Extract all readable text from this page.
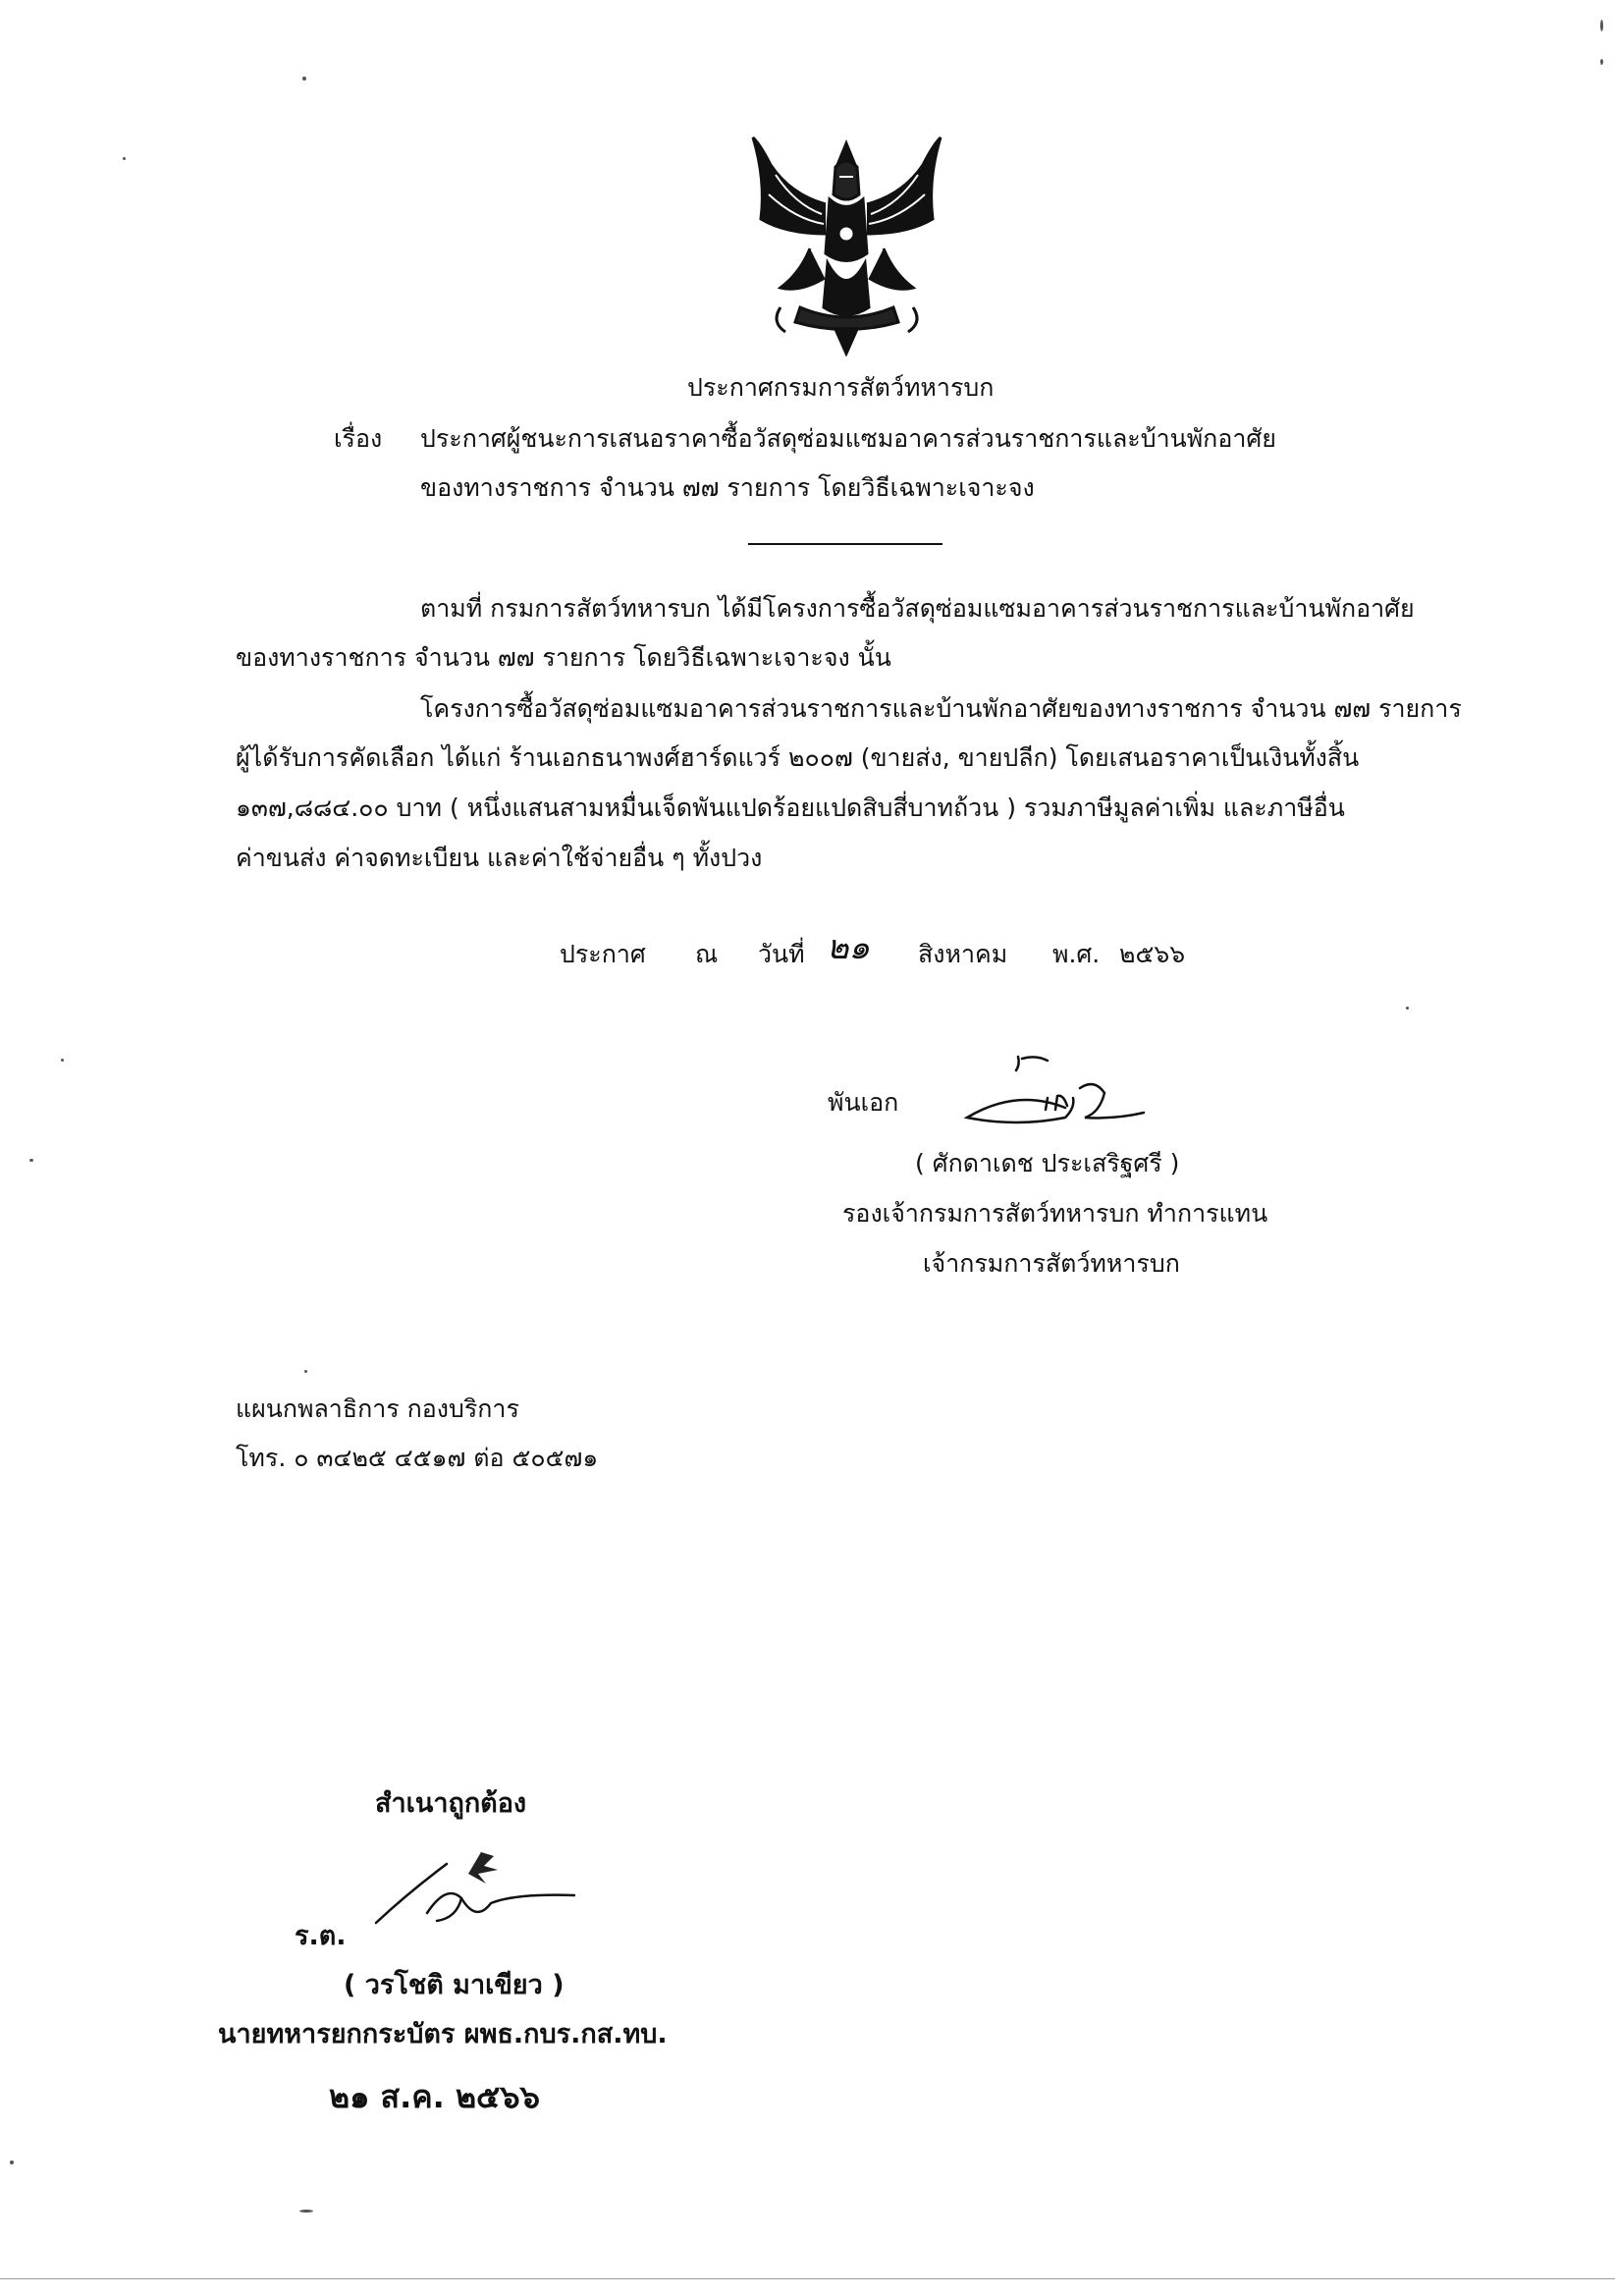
ประกาศกรมการสัตว์ทหารบก
เรื่อง ประกาศผู้ชนะการเสนอราคาซื้อวัสดุซ่อมแซมอาคารส่วนราชการและบ้านพักอาศัย
ของทางราชการ จำนวน ๗๗ รายการ โดยวิธีเฉพาะเจาะจง
ตามที่ กรมการสัตว์ทหารบก ได้มีโครงการซื้อวัสดุซ่อมแซมอาคารส่วนราชการและบ้านพักอาศัย
ของทางราชการ จำนวน ๗๗ รายการ โดยวิธีเฉพาะเจาะจง นั้น
โครงการซื้อวัสดุซ่อมแซมอาคารส่วนราชการและบ้านพักอาศัยของทางราชการ จำนวน ๗๗ รายการ
ผู้ได้รับการคัดเลือก ได้แก่ ร้านเอกธนาพงศ์ฮาร์ดแวร์ ๒๐๐๗ (ขายส่ง, ขายปลีก) โดยเสนอราคาเป็นเงินทั้งสิ้น
๑๓๗,๘๘๔.๐๐ บาท ( หนึ่งแสนสามหมื่นเจ็ดพันแปดร้อยแปดสิบสี่บาทถ้วน ) รวมภาษีมูลค่าเพิ่ม และภาษีอื่น
ค่าขนส่ง ค่าจดทะเบียน และค่าใช้จ่ายอื่น ๆ ทั้งปวง
ประกาศ ณ วันที่ ๒๑ สิงหาคม พ.ศ. ๒๕๖๖
พันเอก
( ศักดาเดช ประเสริฐศรี )
รองเจ้ากรมการสัตว์ทหารบก ทำการแทน
เจ้ากรมการสัตว์ทหารบก
แผนกพลาธิการ กองบริการ
โทร. ๐ ๓๔๒๕ ๔๕๑๗ ต่อ ๕๐๕๗๑
สำเนาถูกต้อง
ร.ต.
( วรโชติ มาเขียว )
นายทหารยกกระบัตร ผพธ.กบร.กส.ทบ.
๒๑ ส.ค. ๒๕๖๖
